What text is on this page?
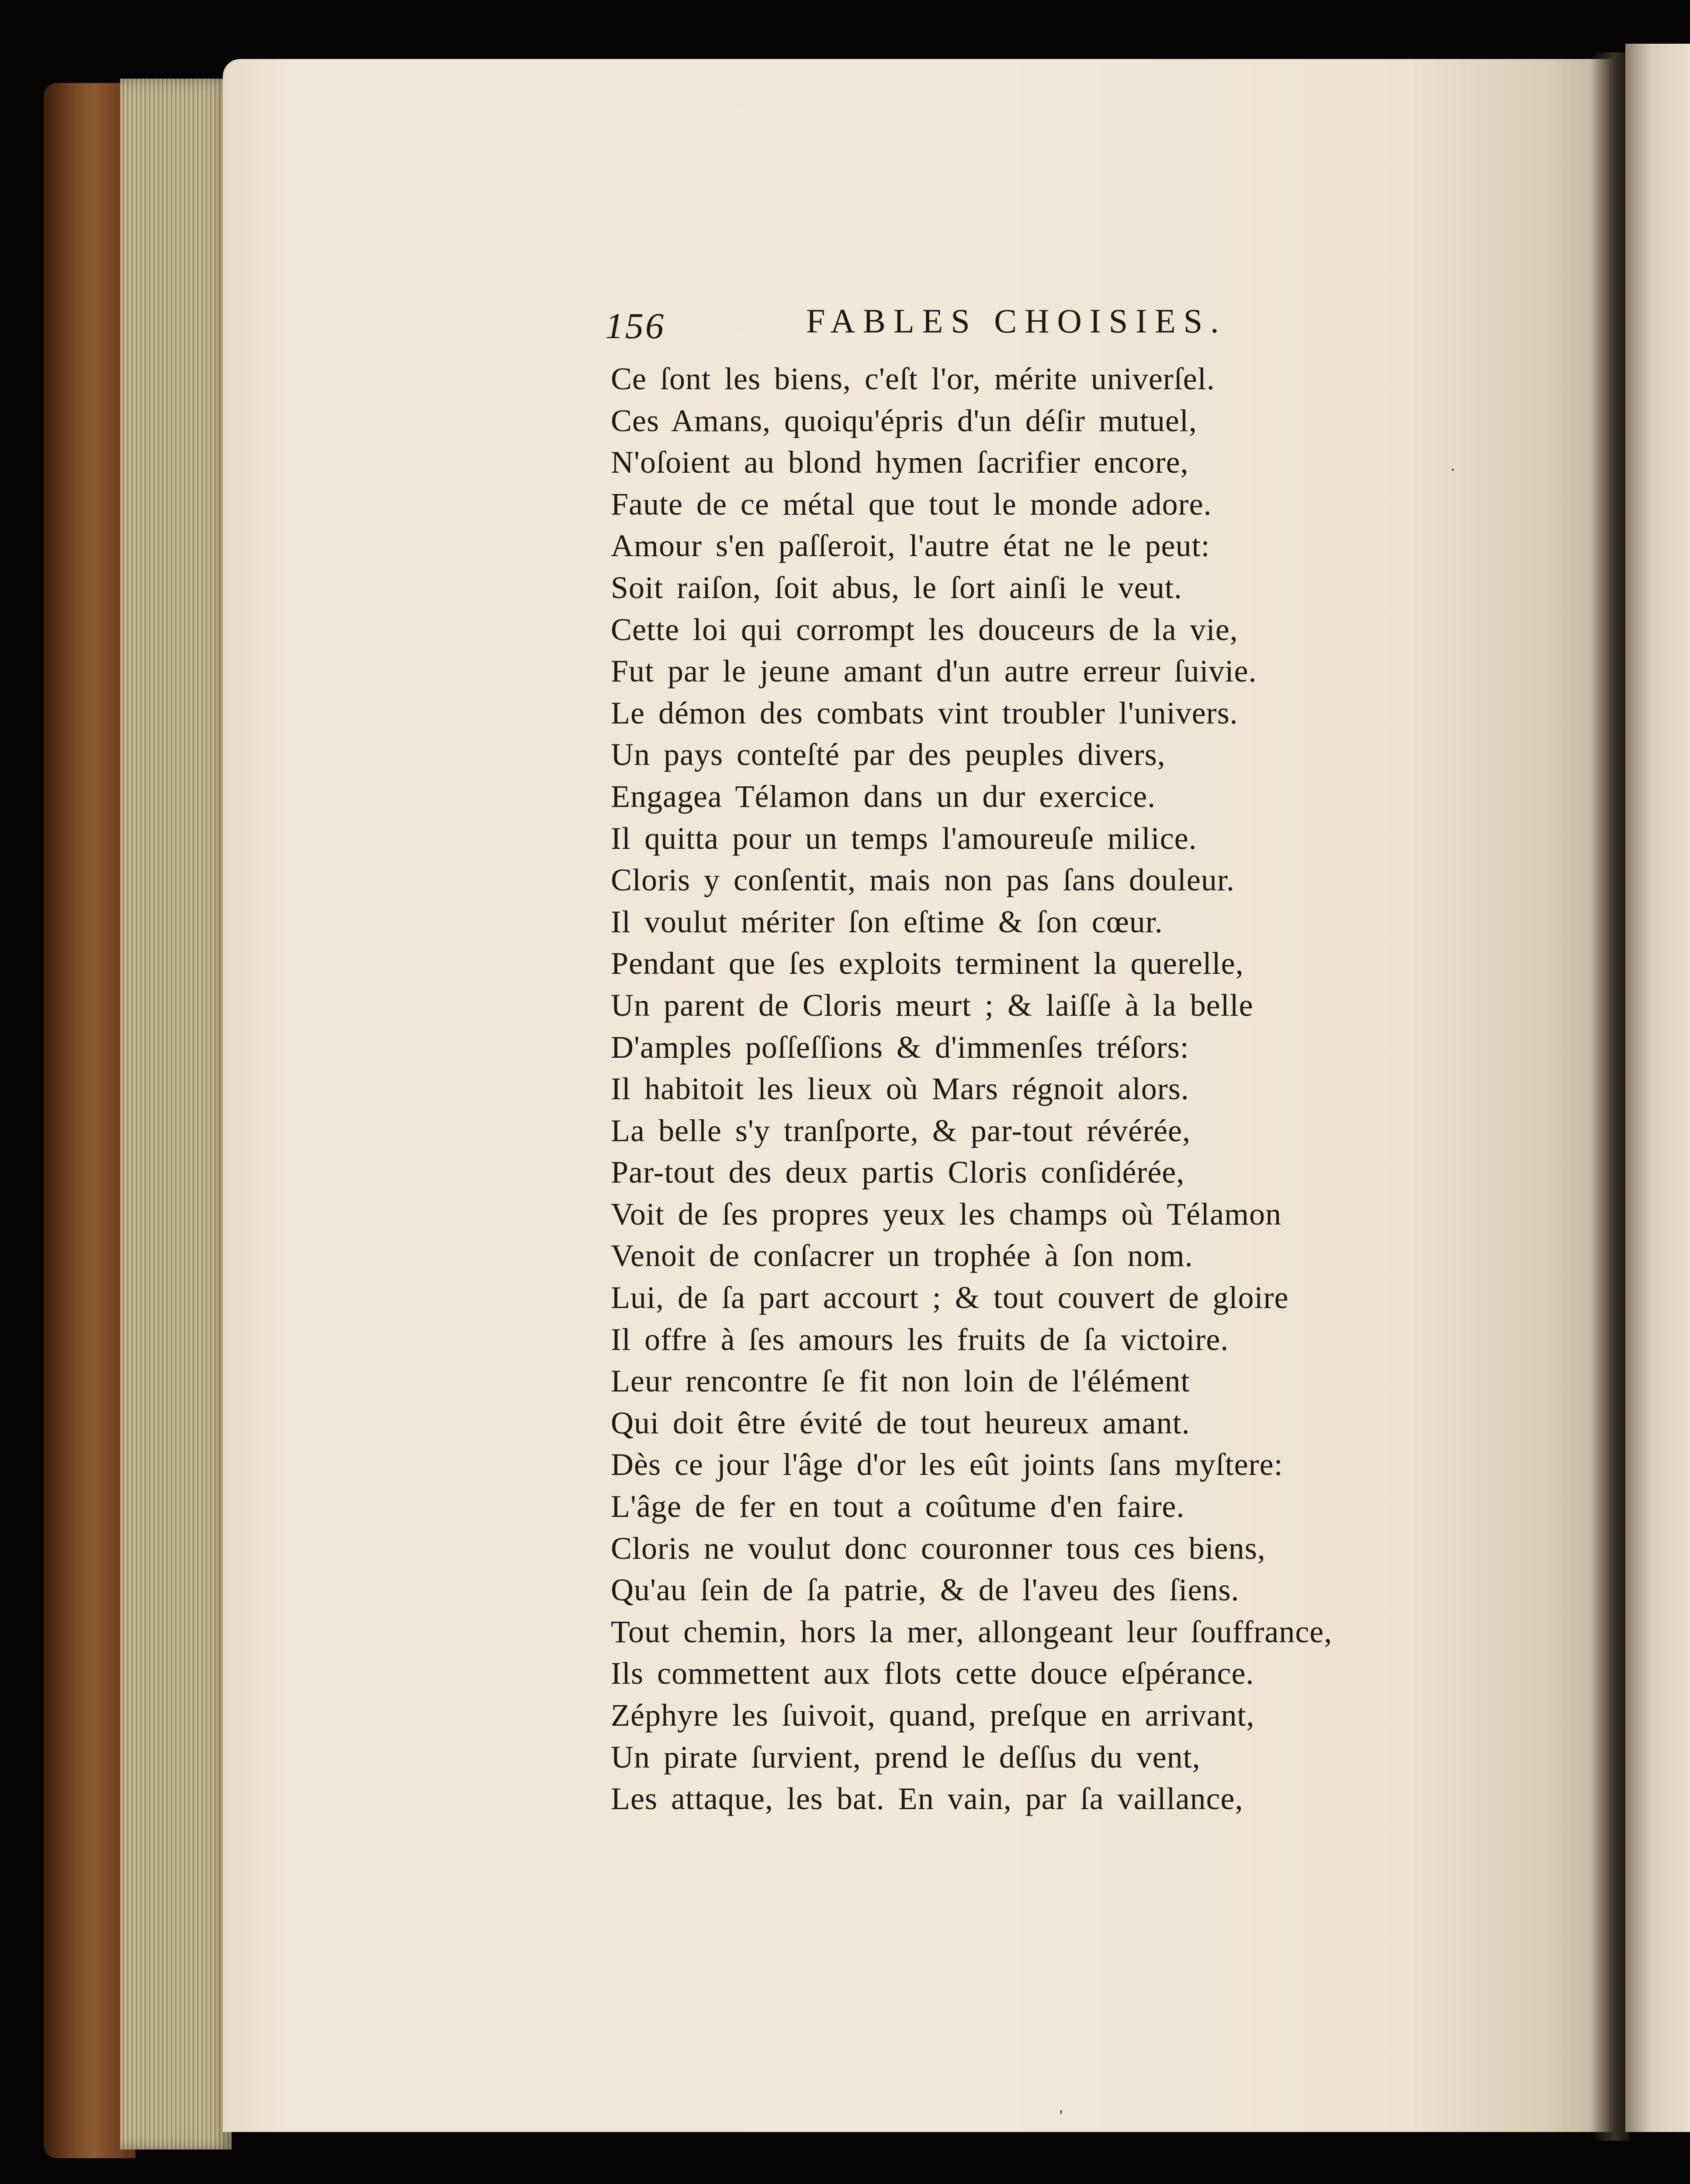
156	FABLES CHOISIES.
Ce ſont les biens, c'eſt l'or, mérite univerſel.
Ces Amans, quoiqu'épris d'un déſir mutuel,
N'oſoient au blond hymen ſacrifier encore,
Faute de ce métal que tout le monde adore.
Amour s'en paſſeroit, l'autre état ne le peut:
Soit raiſon, ſoit abus, le ſort ainſi le veut.
Cette loi qui corrompt les douceurs de la vie,
Fut par le jeune amant d'un autre erreur ſuivie.
Le démon des combats vint troubler l'univers.
Un pays conteſté par des peuples divers,
Engagea Télamon dans un dur exercice.
Il quitta pour un temps l'amoureuſe milice.
Cloris y conſentit, mais non pas ſans douleur.
Il voulut mériter ſon eſtime & ſon cœur.
Pendant que ſes exploits terminent la querelle,
Un parent de Cloris meurt ; & laiſſe à la belle
D'amples poſſeſſions & d'immenſes tréſors:
Il habitoit les lieux où Mars régnoit alors.
La belle s'y tranſporte, & par-tout révérée,
Par-tout des deux partis Cloris conſidérée,
Voit de ſes propres yeux les champs où Télamon
Venoit de conſacrer un trophée à ſon nom.
Lui, de ſa part accourt ; & tout couvert de gloire
Il offre à ſes amours les fruits de ſa victoire.
Leur rencontre ſe fit non loin de l'élément
Qui doit être évité de tout heureux amant.
Dès ce jour l'âge d'or les eût joints ſans myſtere:
L'âge de fer en tout a coûtume d'en faire.
Cloris ne voulut donc couronner tous ces biens,
Qu'au ſein de ſa patrie, & de l'aveu des ſiens.
Tout chemin, hors la mer, allongeant leur ſouffrance,
Ils commettent aux flots cette douce eſpérance.
Zéphyre les ſuivoit, quand, preſque en arrivant,
Un pirate ſurvient, prend le deſſus du vent,
Les attaque, les bat. En vain, par ſa vaillance,
'
.
